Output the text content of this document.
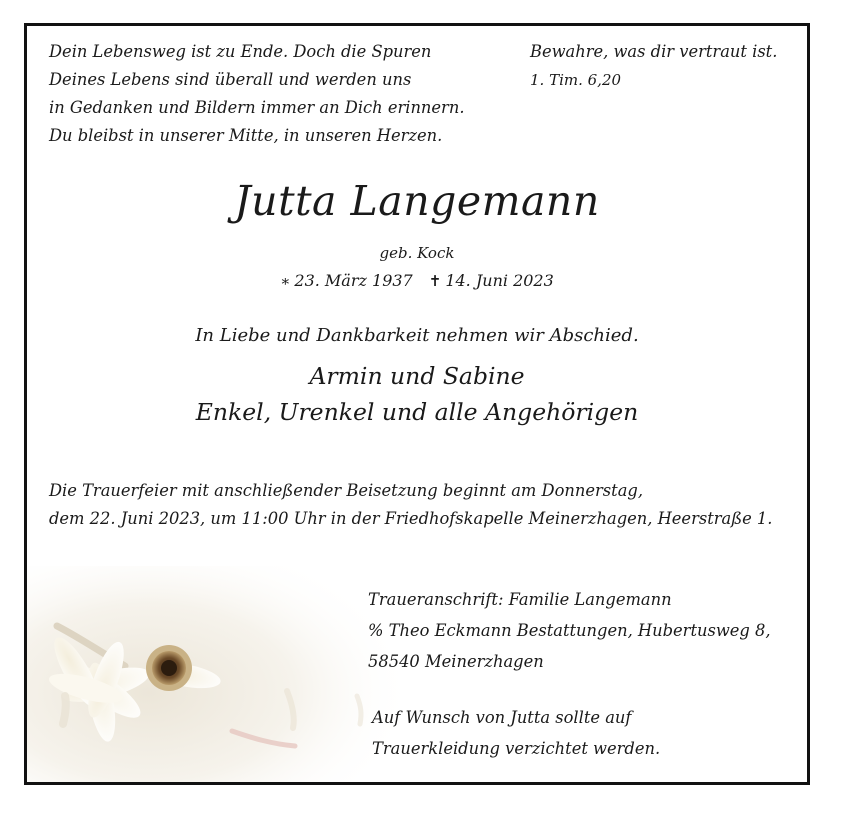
Dein Lebensweg ist zu Ende. Doch die Spuren
Deines Lebens sind überall und werden uns
in Gedanken und Bildern immer an Dich erinnern.
Du bleibst in unserer Mitte, in unseren Herzen.
Bewahre, was dir vertraut ist.
1. Tim. 6,20
Jutta Langemann
geb. Kock
∗ 23. März 1937 ✝ 14. Juni 2023
In Liebe und Dankbarkeit nehmen wir Abschied.
Armin und Sabine
Enkel, Urenkel und alle Angehörigen
Die Trauerfeier mit anschließender Beisetzung beginnt am Donnerstag,
dem 22. Juni 2023, um 11:00 Uhr in der Friedhofskapelle Meinerzhagen, Heerstraße 1.
Traueranschrift: Familie Langemann
% Theo Eckmann Bestattungen, Hubertusweg 8,
58540 Meinerzhagen
Auf Wunsch von Jutta sollte auf
Trauerkleidung verzichtet werden.
